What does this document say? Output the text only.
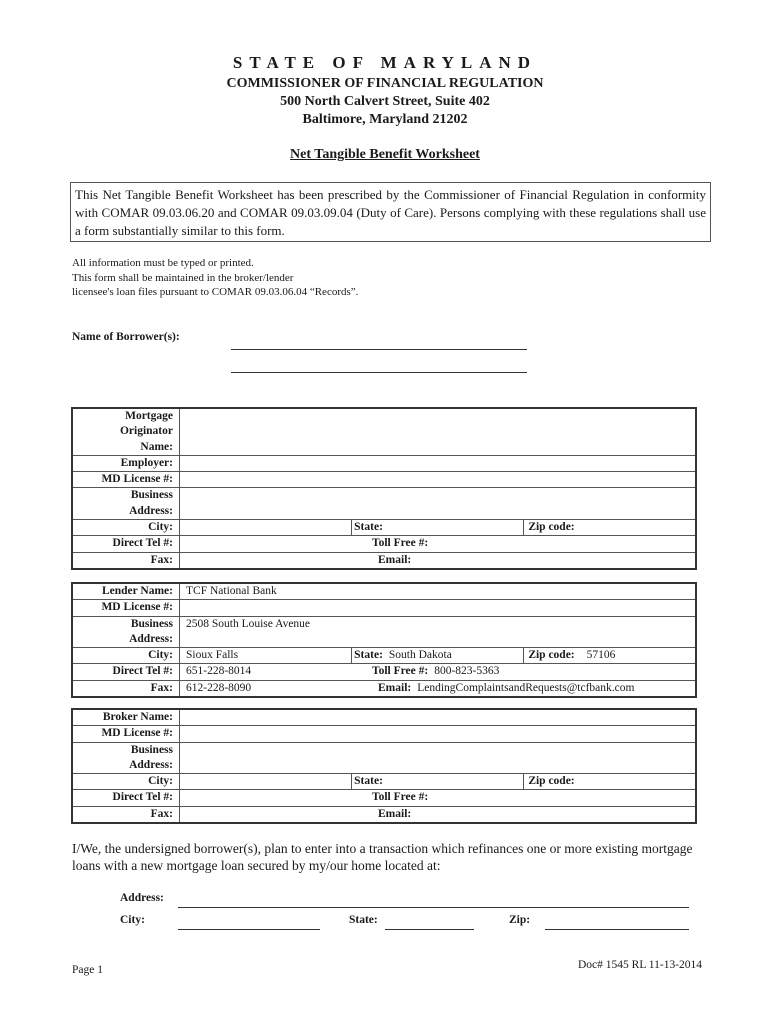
STATE OF MARYLAND
COMMISSIONER OF FINANCIAL REGULATION
500 North Calvert Street, Suite 402
Baltimore, Maryland 21202
Net Tangible Benefit Worksheet
This Net Tangible Benefit Worksheet has been prescribed by the Commissioner of Financial Regulation in conformity with COMAR 09.03.06.20 and COMAR 09.03.09.04 (Duty of Care). Persons complying with these regulations shall use a form substantially similar to this form.
All information must be typed or printed.
This form shall be maintained in the broker/lender
licensee's loan files pursuant to COMAR 09.03.06.04 “Records”.
Name of Borrower(s):
Mortgage
Originator
Name:			

Employer:			
MD License #:			

Business
Address:			

City:		State:	Zip code:
Direct Tel #:	Toll Free #:		
Fax:	Email:		
Lender Name:	TCF National Bank		
MD License #:			

Business
Address:	2508 South Louise Avenue		
City:	Sioux Falls	State: South Dakota	Zip code: 57106
Direct Tel #:	651-228-8014 Toll Free #: 800-823-5363		
Fax:	612-228-8090 Email: LendingComplaintsandRequests@tcfbank.com		
Broker Name:			
MD License #:			

Business
Address:			

City:		State:	Zip code:
Direct Tel #:	Toll Free #:		
Fax:	Email:		
I/We, the undersigned borrower(s), plan to enter into a transaction which refinances one or more existing mortgage loans with a new mortgage loan secured by my/our home located at:
Address:
City:	State:	Zip:
Page 1	Doc# 1545 RL 11-13-2014
